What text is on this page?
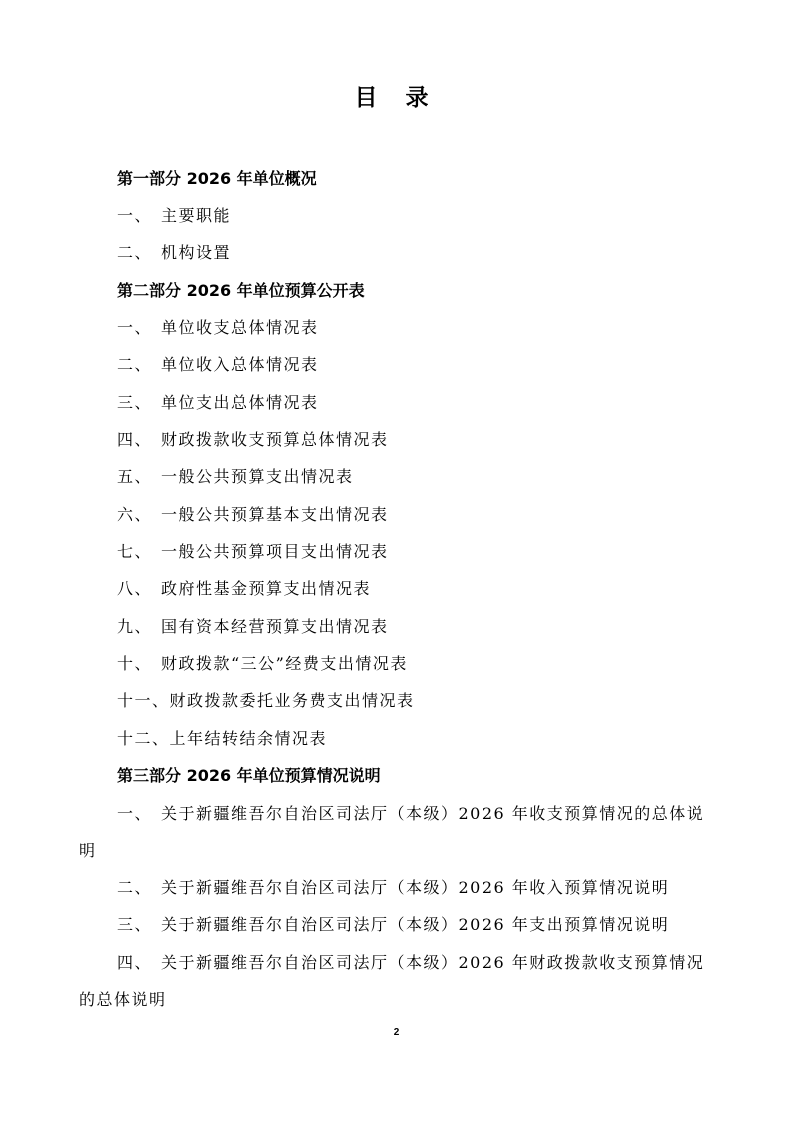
目 录
第一部分 2026 年单位概况
一、 主要职能
二、 机构设置
第二部分 2026 年单位预算公开表
一、 单位收支总体情况表
二、 单位收入总体情况表
三、 单位支出总体情况表
四、 财政拨款收支预算总体情况表
五、 一般公共预算支出情况表
六、 一般公共预算基本支出情况表
七、 一般公共预算项目支出情况表
八、 政府性基金预算支出情况表
九、 国有资本经营预算支出情况表
十、 财政拨款“三公”经费支出情况表
十一、财政拨款委托业务费支出情况表
十二、上年结转结余情况表
第三部分 2026 年单位预算情况说明
一、 关于新疆维吾尔自治区司法厅（本级）2026 年收支预算情况的总体说
明
二、 关于新疆维吾尔自治区司法厅（本级）2026 年收入预算情况说明
三、 关于新疆维吾尔自治区司法厅（本级）2026 年支出预算情况说明
四、 关于新疆维吾尔自治区司法厅（本级）2026 年财政拨款收支预算情况
的总体说明
2
